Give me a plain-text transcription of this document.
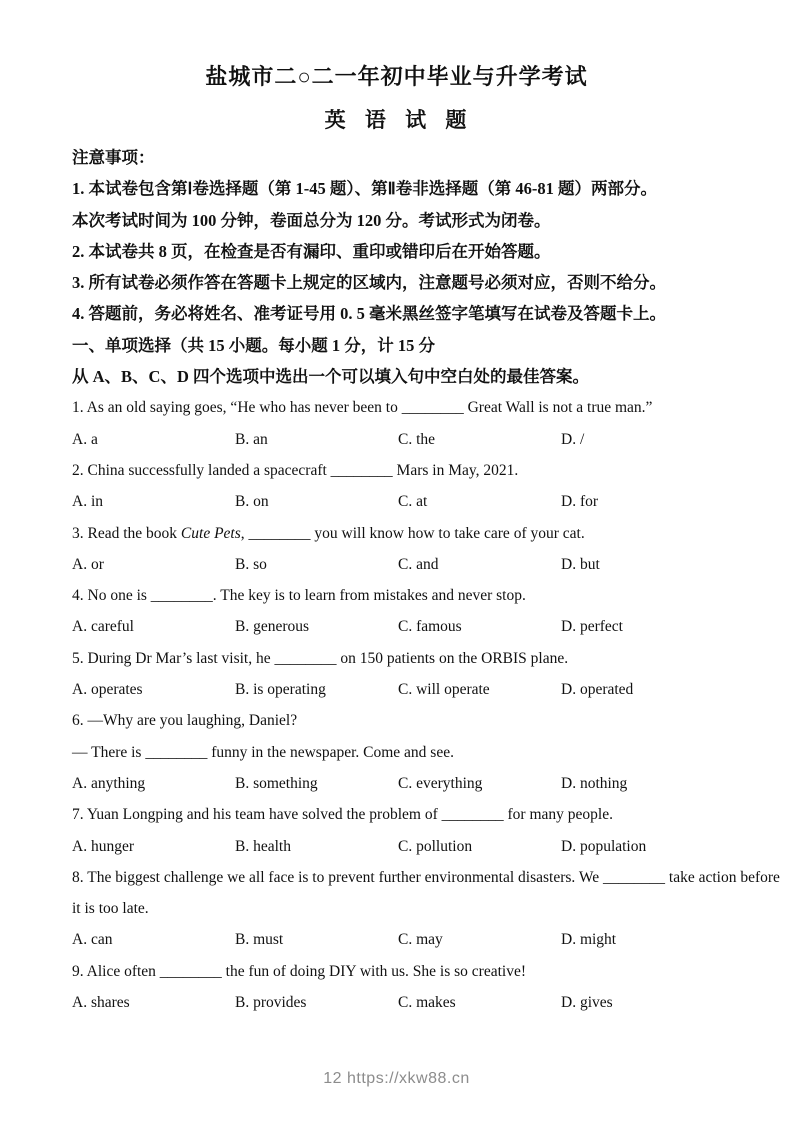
盐城市二○二一年初中毕业与升学考试
英 语 试 题
注意事项：
1. 本试卷包含第Ⅰ卷选择题（第 1-45 题）、第Ⅱ卷非选择题（第 46-81 题）两部分。
本次考试时间为 100 分钟，卷面总分为 120 分。考试形式为闭卷。
2. 本试卷共 8 页，在检查是否有漏印、重印或错印后在开始答题。
3. 所有试卷必须作答在答题卡上规定的区域内，注意题号必须对应，否则不给分。
4. 答题前，务必将姓名、准考证号用 0. 5 毫米黑丝签字笔填写在试卷及答题卡上。
一、单项选择（共 15 小题。每小题 1 分，计 15 分
从 A、B、C、D 四个选项中选出一个可以填入句中空白处的最佳答案。
1. As an old saying goes, “He who has never been to ________ Great Wall is not a true man.”
A. a	B. an	C. the	D. /
2. China successfully landed a spacecraft ________ Mars in May, 2021.
A. in	B. on	C. at	D. for
3. Read the book Cute Pets, ________ you will know how to take care of your cat.
A. or	B. so	C. and	D. but
4. No one is ________. The key is to learn from mistakes and never stop.
A. careful	B. generous	C. famous	D. perfect
5. During Dr Mar’s last visit, he ________ on 150 patients on the ORBIS plane.
A. operates	B. is operating	C. will operate	D. operated
6. —Why are you laughing, Daniel?
— There is ________ funny in the newspaper. Come and see.
A. anything	B. something	C. everything	D. nothing
7. Yuan Longping and his team have solved the problem of ________ for many people.
A. hunger	B. health	C. pollution	D. population
8. The biggest challenge we all face is to prevent further environmental disasters. We ________ take action before
it is too late.
A. can	B. must	C. may	D. might
9. Alice often ________ the fun of doing DIY with us. She is so creative!
A. shares	B. provides	C. makes	D. gives
12 https://xkw88.cn
